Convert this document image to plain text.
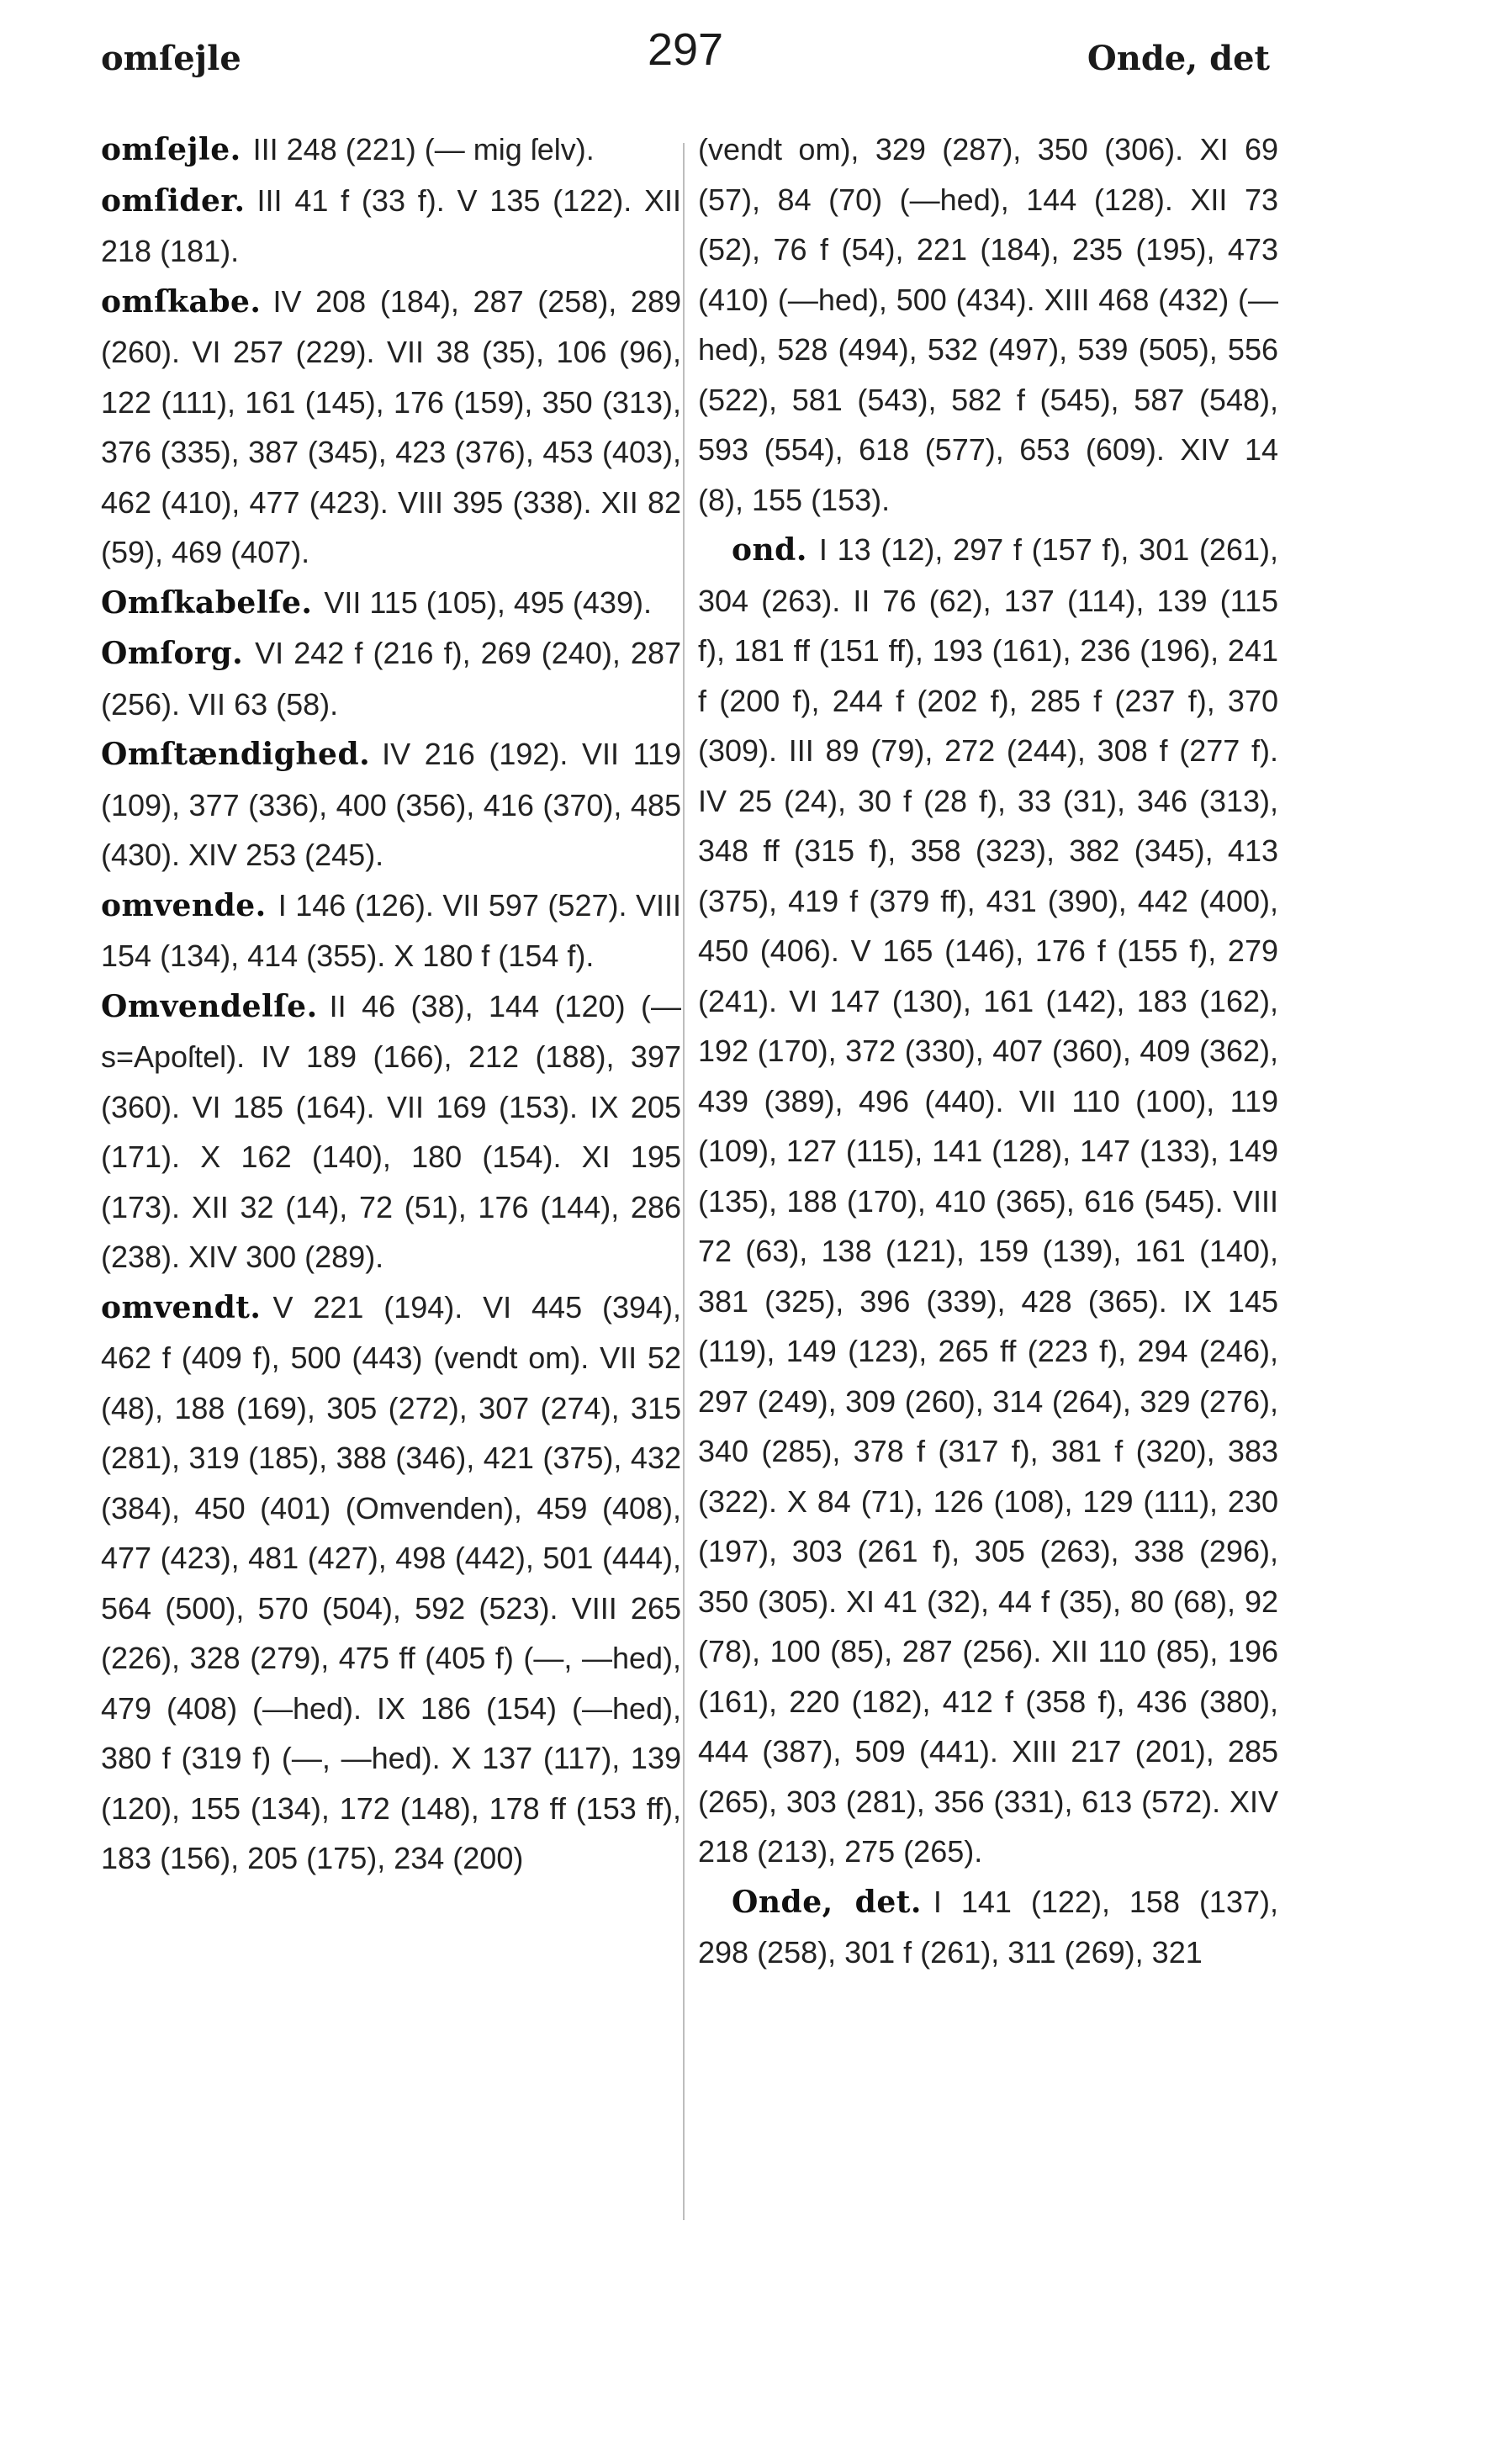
omſejle	297	Onde, det

omſejle. III 248 (221) (— mig ſelv).

omſider. III 41 f (33 f). V 135 (122). XII 218 (181).

omſkabe. IV 208 (184), 287 (258), 289 (260). VI 257 (229). VII 38 (35), 106 (96), 122 (111), 161 (145), 176 (159), 350 (313), 376 (335), 387 (345), 423 (376), 453 (403), 462 (410), 477 (423). VIII 395 (338). XII 82 (59), 469 (407).

Omſkabelſe. VII 115 (105), 495 (439).

Omſorg. VI 242 f (216 f), 269 (240), 287 (256). VII 63 (58).

Omſtændighed. IV 216 (192). VII 119 (109), 377 (336), 400 (356), 416 (370), 485 (430). XIV 253 (245).

omvende. I 146 (126). VII 597 (527). VIII 154 (134), 414 (355). X 180 f (154 f).

Omvendelſe. II 46 (38), 144 (120) (—s=Apoſtel). IV 189 (166), 212 (188), 397 (360). VI 185 (164). VII 169 (153). IX 205 (171). X 162 (140), 180 (154). XI 195 (173). XII 32 (14), 72 (51), 176 (144), 286 (238). XIV 300 (289).

omvendt. V 221 (194). VI 445 (394), 462 f (409 f), 500 (443) (vendt om). VII 52 (48), 188 (169), 305 (272), 307 (274), 315 (281), 319 (185), 388 (346), 421 (375), 432 (384), 450 (401) (Omvenden), 459 (408), 477 (423), 481 (427), 498 (442), 501 (444), 564 (500), 570 (504), 592 (523). VIII 265 (226), 328 (279), 475 ff (405 f) (—, —hed), 479 (408) (—hed). IX 186 (154) (—hed), 380 f (319 f) (—, —hed). X 137 (117), 139 (120), 155 (134), 172 (148), 178 ff (153 ff), 183 (156), 205 (175), 234 (200)

(vendt om), 329 (287), 350 (306). XI 69 (57), 84 (70) (—hed), 144 (128). XII 73 (52), 76 f (54), 221 (184), 235 (195), 473 (410) (—hed), 500 (434). XIII 468 (432) (—hed), 528 (494), 532 (497), 539 (505), 556 (522), 581 (543), 582 f (545), 587 (548), 593 (554), 618 (577), 653 (609). XIV 14 (8), 155 (153).

ond. I 13 (12), 297 f (157 f), 301 (261), 304 (263). II 76 (62), 137 (114), 139 (115 f), 181 ff (151 ff), 193 (161), 236 (196), 241 f (200 f), 244 f (202 f), 285 f (237 f), 370 (309). III 89 (79), 272 (244), 308 f (277 f). IV 25 (24), 30 f (28 f), 33 (31), 346 (313), 348 ff (315 f), 358 (323), 382 (345), 413 (375), 419 f (379 ff), 431 (390), 442 (400), 450 (406). V 165 (146), 176 f (155 f), 279 (241). VI 147 (130), 161 (142), 183 (162), 192 (170), 372 (330), 407 (360), 409 (362), 439 (389), 496 (440). VII 110 (100), 119 (109), 127 (115), 141 (128), 147 (133), 149 (135), 188 (170), 410 (365), 616 (545). VIII 72 (63), 138 (121), 159 (139), 161 (140), 381 (325), 396 (339), 428 (365). IX 145 (119), 149 (123), 265 ff (223 f), 294 (246), 297 (249), 309 (260), 314 (264), 329 (276), 340 (285), 378 f (317 f), 381 f (320), 383 (322). X 84 (71), 126 (108), 129 (111), 230 (197), 303 (261 f), 305 (263), 338 (296), 350 (305). XI 41 (32), 44 f (35), 80 (68), 92 (78), 100 (85), 287 (256). XII 110 (85), 196 (161), 220 (182), 412 f (358 f), 436 (380), 444 (387), 509 (441). XIII 217 (201), 285 (265), 303 (281), 356 (331), 613 (572). XIV 218 (213), 275 (265).

Onde, det. I 141 (122), 158 (137), 298 (258), 301 f (261), 311 (269), 321
